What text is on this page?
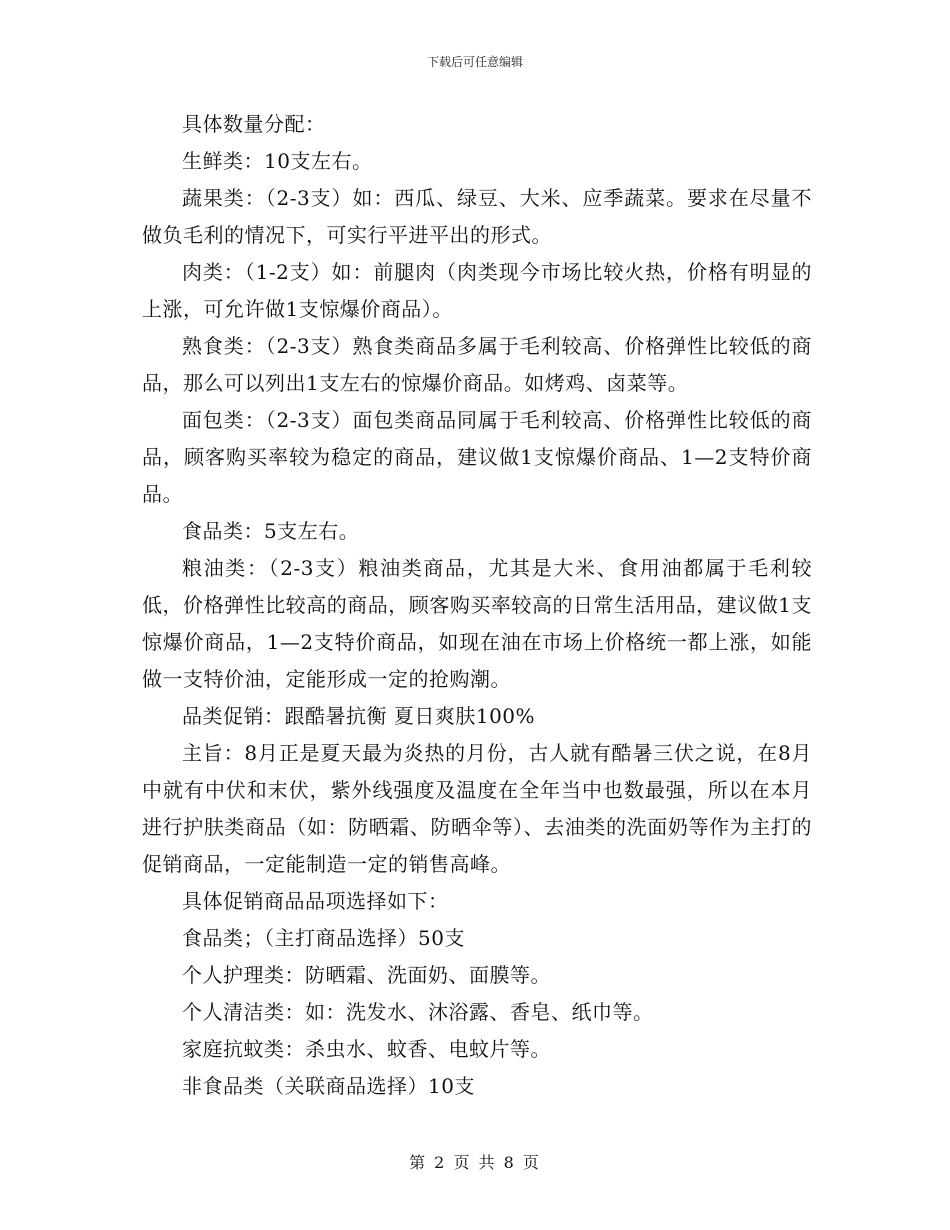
下载后可任意编辑

具体数量分配：

生鲜类：10支左右。

蔬果类：（2-3支）如：西瓜、绿豆、大米、应季蔬菜。要求在尽量不做负毛利的情况下，可实行平进平出的形式。

肉类：（1-2支）如：前腿肉（肉类现今市场比较火热，价格有明显的上涨，可允许做1支惊爆价商品）。

熟食类：（2-3支）熟食类商品多属于毛利较高、价格弹性比较低的商品，那么可以列出1支左右的惊爆价商品。如烤鸡、卤菜等。

面包类：（2-3支）面包类商品同属于毛利较高、价格弹性比较低的商品，顾客购买率较为稳定的商品，建议做1支惊爆价商品、1—2支特价商品。

食品类：5支左右。

粮油类：（2-3支）粮油类商品，尤其是大米、食用油都属于毛利较低，价格弹性比较高的商品，顾客购买率较高的日常生活用品，建议做1支惊爆价商品，1—2支特价商品，如现在油在市场上价格统一都上涨，如能做一支特价油，定能形成一定的抢购潮。

品类促销：跟酷暑抗衡 夏日爽肤100%

主旨：8月正是夏天最为炎热的月份，古人就有酷暑三伏之说，在8月中就有中伏和末伏，紫外线强度及温度在全年当中也数最强，所以在本月进行护肤类商品（如：防晒霜、防晒伞等）、去油类的洗面奶等作为主打的促销商品，一定能制造一定的销售高峰。

具体促销商品品项选择如下：

食品类；（主打商品选择）50支

个人护理类：防晒霜、洗面奶、面膜等。

个人清洁类：如：洗发水、沐浴露、香皂、纸巾等。

家庭抗蚊类：杀虫水、蚊香、电蚊片等。

非食品类（关联商品选择）10支

第 2 页 共 8 页
